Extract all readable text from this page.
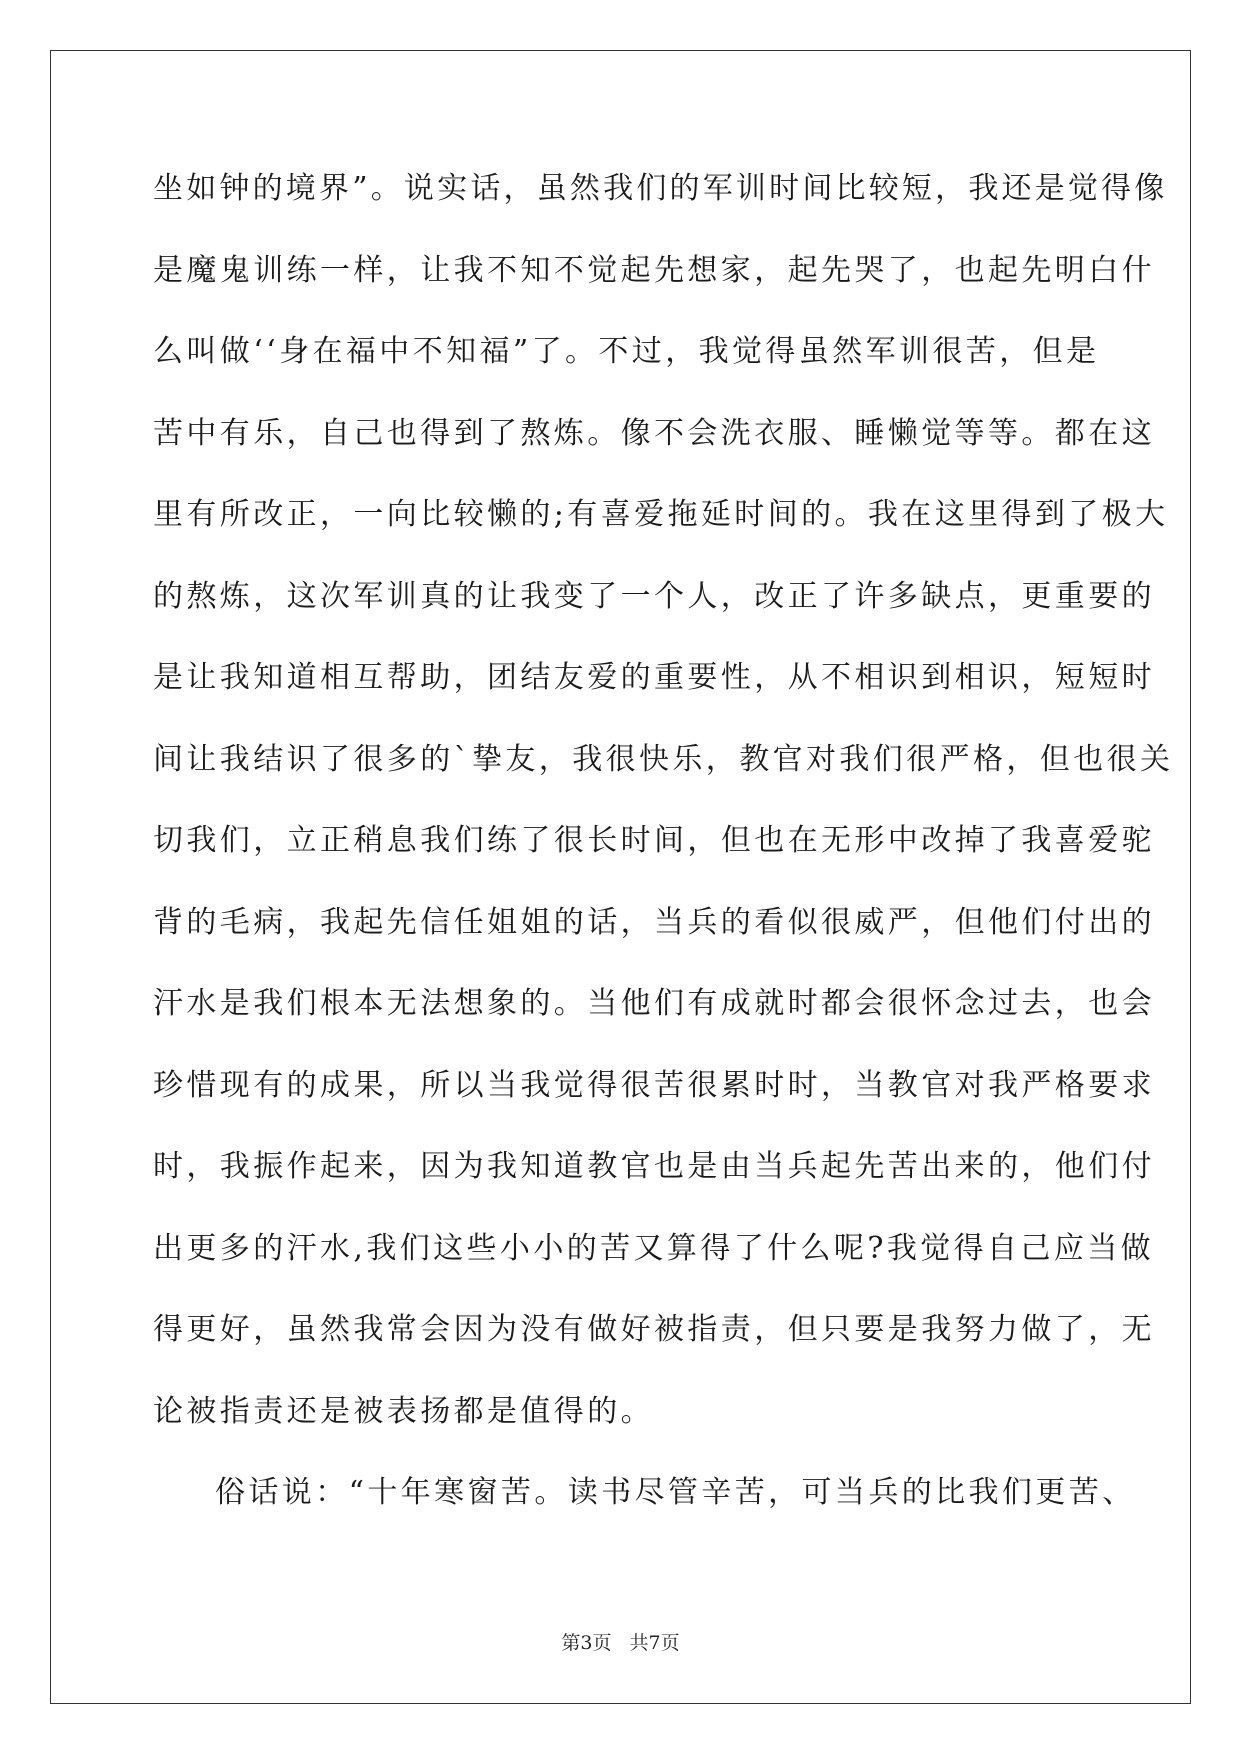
坐如钟的境界”。说实话，虽然我们的军训时间比较短，我还是觉得像
是魔鬼训练一样，让我不知不觉起先想家，起先哭了，也起先明白什
么叫做‘‘身在福中不知福”了。不过，我觉得虽然军训很苦，但是
苦中有乐，自己也得到了熬炼。像不会洗衣服、睡懒觉等等。都在这
里有所改正，一向比较懒的;有喜爱拖延时间的。我在这里得到了极大
的熬炼，这次军训真的让我变了一个人，改正了许多缺点，更重要的
是让我知道相互帮助，团结友爱的重要性，从不相识到相识，短短时
间让我结识了很多的`挚友，我很快乐，教官对我们很严格，但也很关
切我们，立正稍息我们练了很长时间，但也在无形中改掉了我喜爱驼
背的毛病，我起先信任姐姐的话，当兵的看似很威严，但他们付出的
汗水是我们根本无法想象的。当他们有成就时都会很怀念过去，也会
珍惜现有的成果，所以当我觉得很苦很累时时，当教官对我严格要求
时，我振作起来，因为我知道教官也是由当兵起先苦出来的，他们付
出更多的汗水,我们这些小小的苦又算得了什么呢?我觉得自己应当做
得更好，虽然我常会因为没有做好被指责，但只要是我努力做了，无
论被指责还是被表扬都是值得的。
俗话说：“十年寒窗苦。读书尽管辛苦，可当兵的比我们更苦、
第3页 共7页
